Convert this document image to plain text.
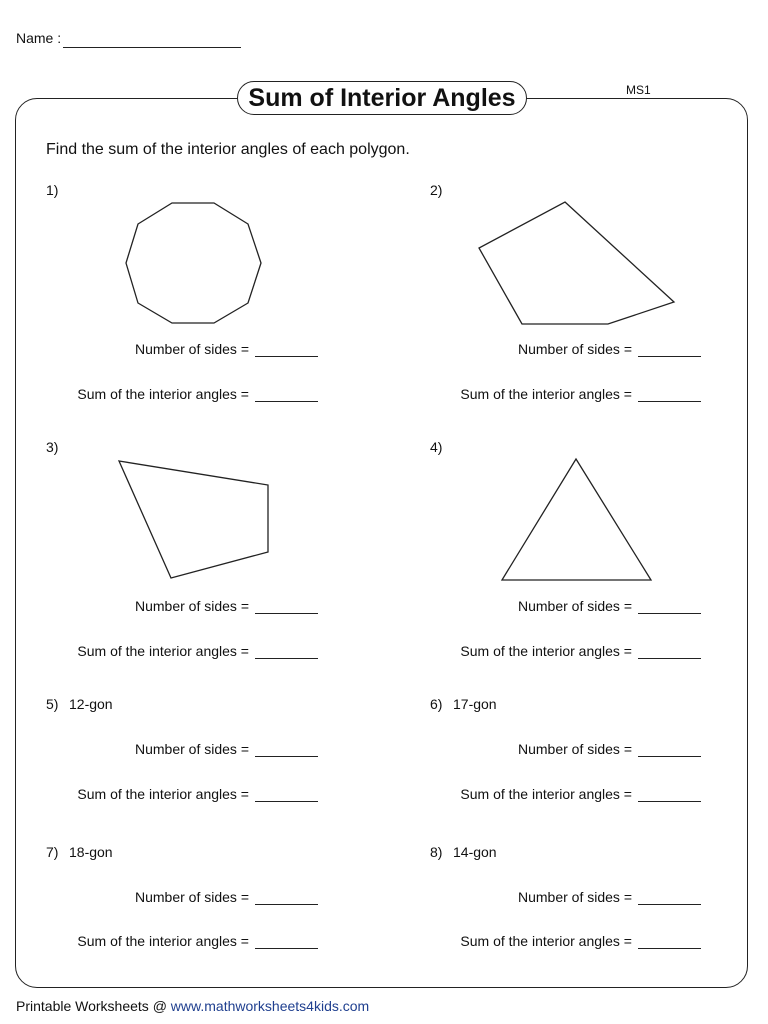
Name :
Sum of Interior Angles	MS1
Find the sum of the interior angles of each polygon.
1)
Number of sides =
Sum of the interior angles =
2)
Number of sides =
Sum of the interior angles =
3)
Number of sides =
Sum of the interior angles =
4)
Number of sides =
Sum of the interior angles =
5) 12-gon
Number of sides =
Sum of the interior angles =
6) 17-gon
Number of sides =
Sum of the interior angles =
7) 18-gon
Number of sides =
Sum of the interior angles =
8) 14-gon
Number of sides =
Sum of the interior angles =
Printable Worksheets @ www.mathworksheets4kids.com
